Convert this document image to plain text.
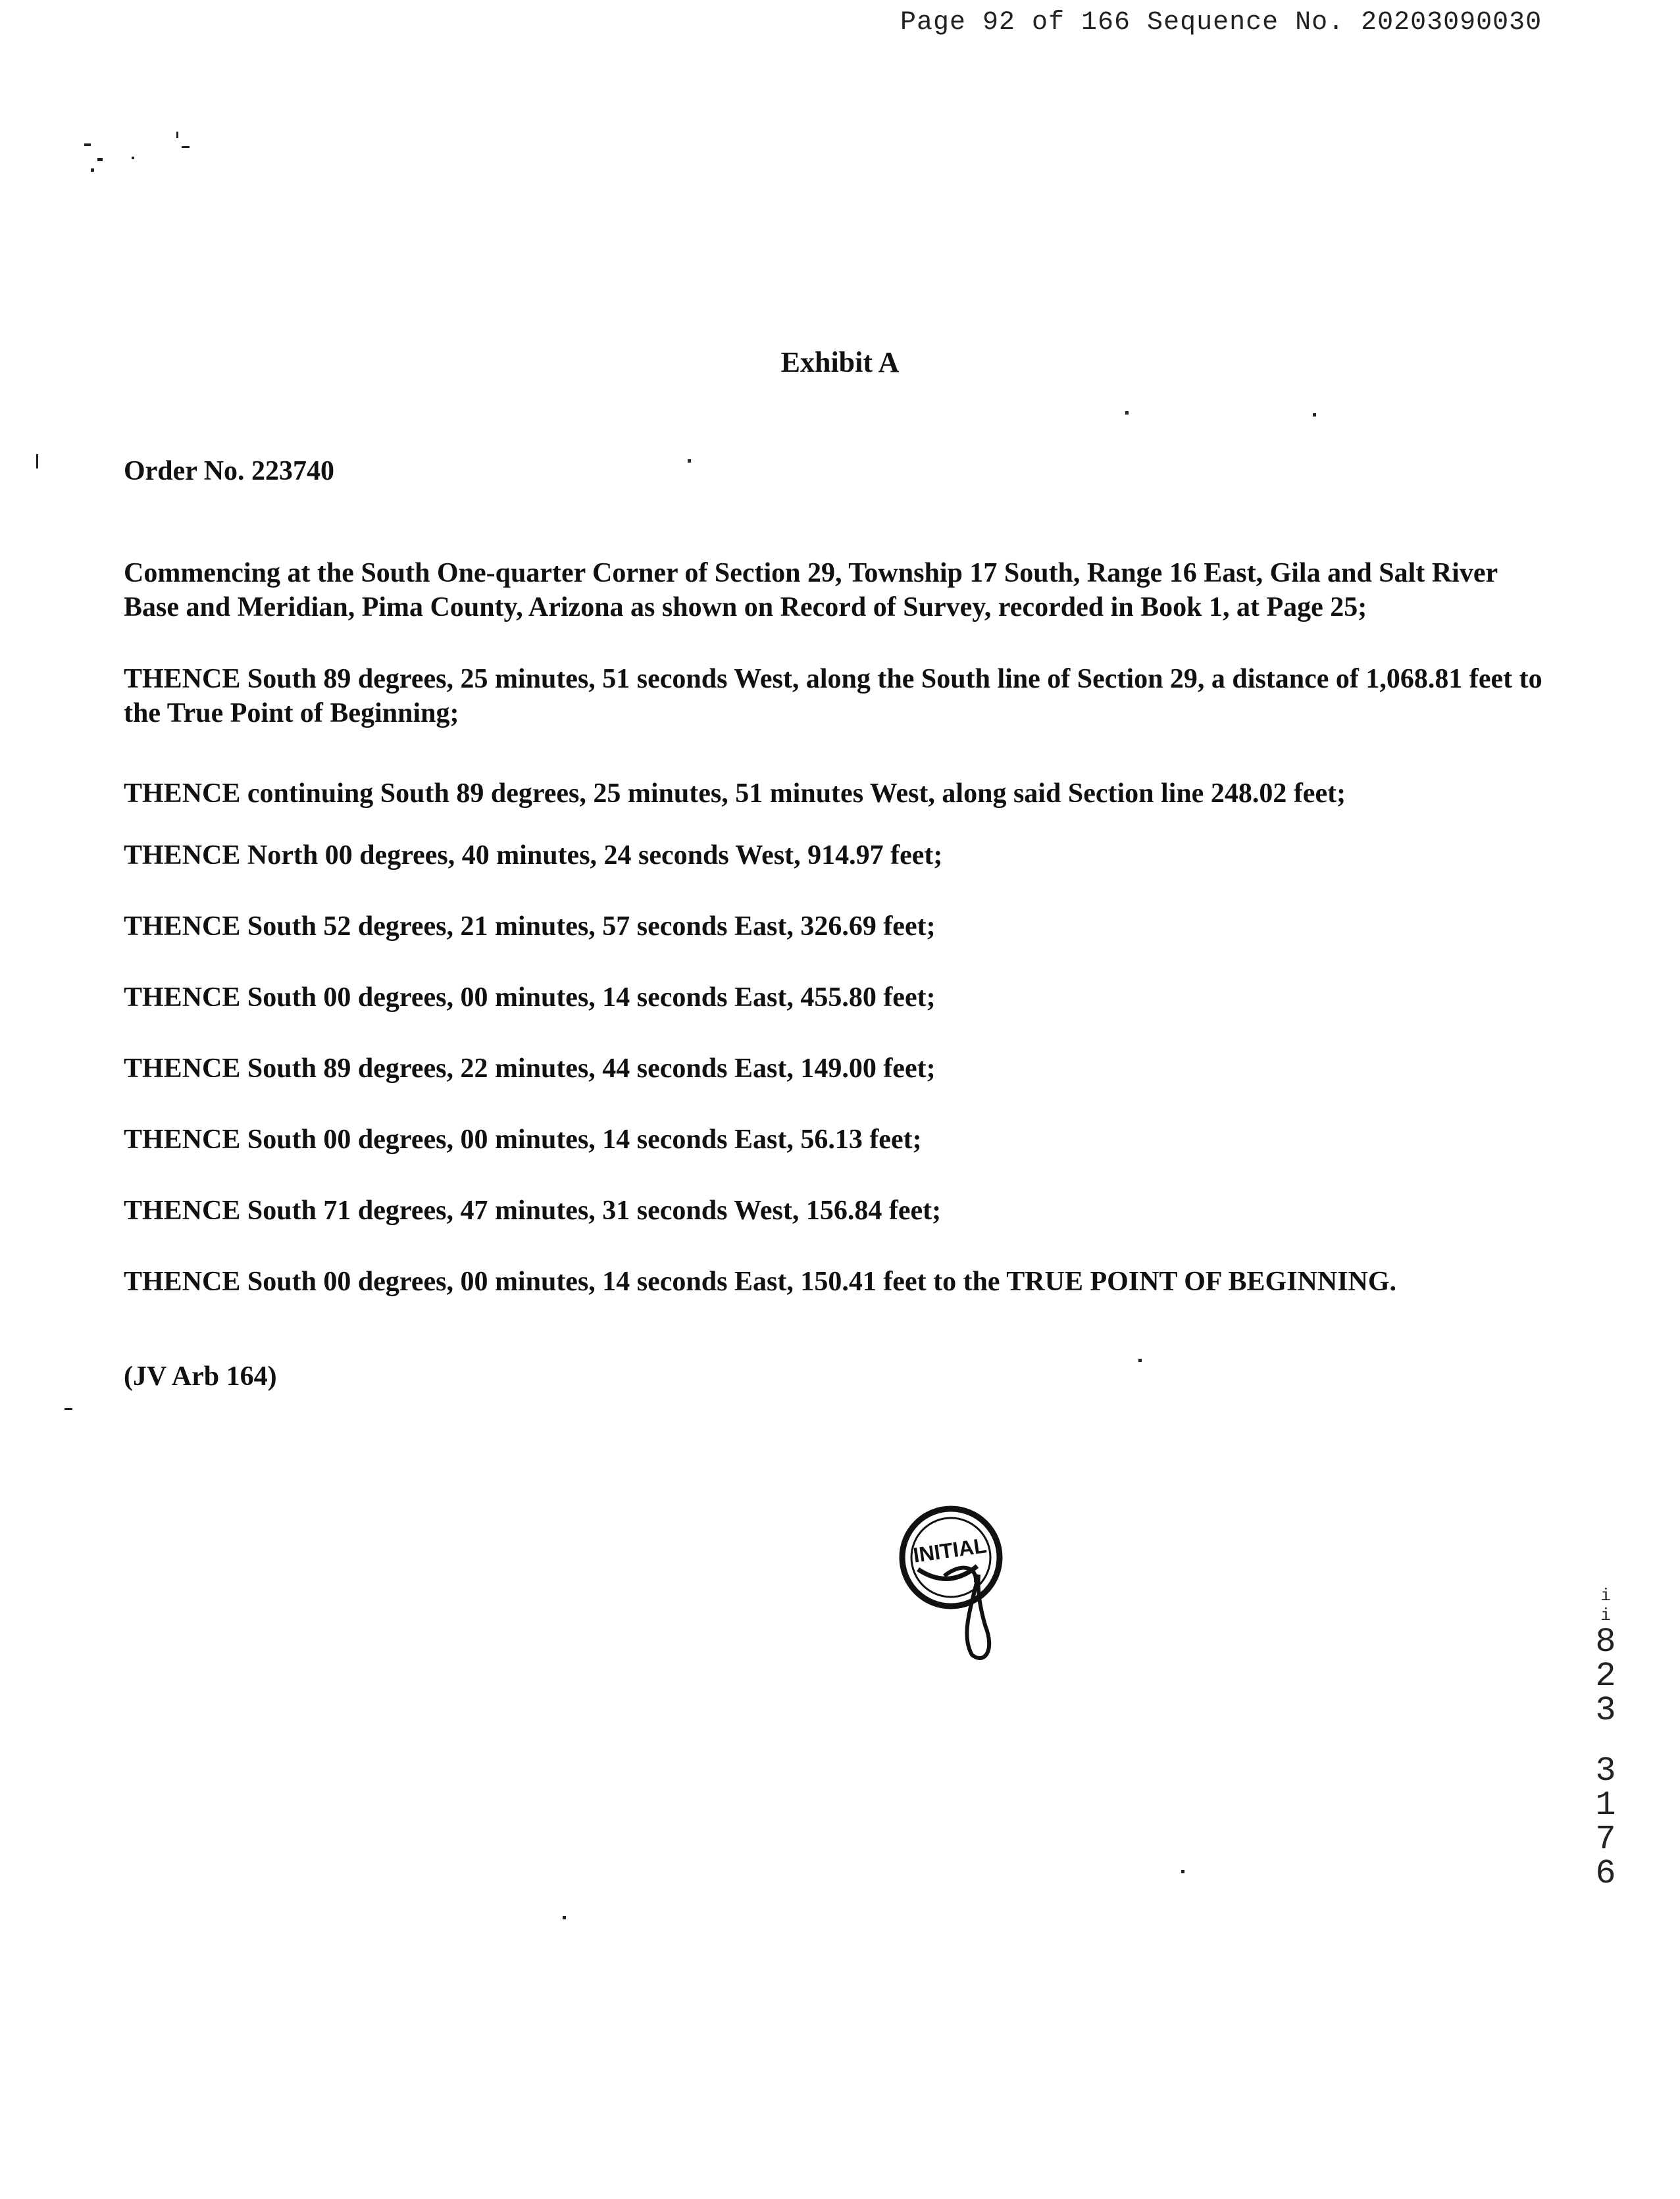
Page 92 of 166 Sequence No. 20203090030
Exhibit A
Order No. 223740

Commencing at the South One-quarter Corner of Section 29, Township 17 South, Range 16 East, Gila and Salt River Base and Meridian, Pima County, Arizona as shown on Record of Survey, recorded in Book 1, at Page 25;

THENCE South 89 degrees, 25 minutes, 51 seconds West, along the South line of Section 29, a distance of 1,068.81 feet to the True Point of Beginning;

THENCE continuing South 89 degrees, 25 minutes, 51 minutes West, along said Section line 248.02 feet;
THENCE North 00 degrees, 40 minutes, 24 seconds West, 914.97 feet;
THENCE South 52 degrees, 21 minutes, 57 seconds East, 326.69 feet;
THENCE South 00 degrees, 00 minutes, 14 seconds East, 455.80 feet;
THENCE South 89 degrees, 22 minutes, 44 seconds East, 149.00 feet;
THENCE South 00 degrees, 00 minutes, 14 seconds East, 56.13 feet;
THENCE South 71 degrees, 47 minutes, 31 seconds West, 156.84 feet;
THENCE South 00 degrees, 00 minutes, 14 seconds East, 150.41 feet to the TRUE POINT OF BEGINNING.
(JV Arb 164)
INITIAL
i
i
8
2
3
3
1
7
6
